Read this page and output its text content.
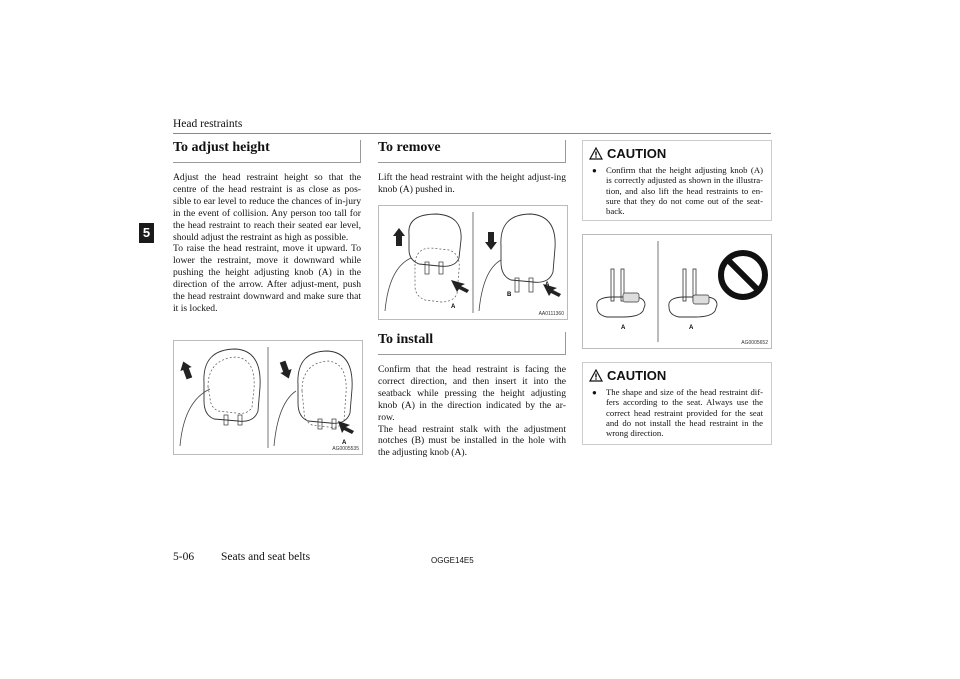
Head restraints
5
To adjust height

Adjust the head restraint height so that the centre of the head restraint is as close as pos-sible to ear level to reduce the chances of in-jury in the event of collision. Any person too tall for the head restraint to reach their seated ear level, should adjust the restraint as high as possible.

To raise the head restraint, move it upward. To lower the restraint, move it downward while pushing the height adjusting knob (A) in the direction of the arrow. After adjust-ment, push the head restraint downward and make sure that it is locked.

A
AG0005535
To remove

Lift the head restraint with the height adjust-ing knob (A) pushed in.

A
B
A
AA0111360
To install

Confirm that the head restraint is facing the correct direction, and then insert it into the seatback while pressing the height adjusting knob (A) in the direction indicated by the ar-row.

The head restraint stalk with the adjustment notches (B) must be installed in the hole with the adjusting knob (A).

CAUTION
●	Confirm that the height adjusting knob (A) is correctly adjusted as shown in the illustra-tion, and also lift the head restraints to en-sure that they do not come out of the seat-back.
A	A
AG0005652
CAUTION
●	The shape and size of the head restraint dif-fers according to the seat. Always use the correct head restraint provided for the seat and do not install the head restraint in the wrong direction.
5-06 Seats and seat belts	OGGE14E5
